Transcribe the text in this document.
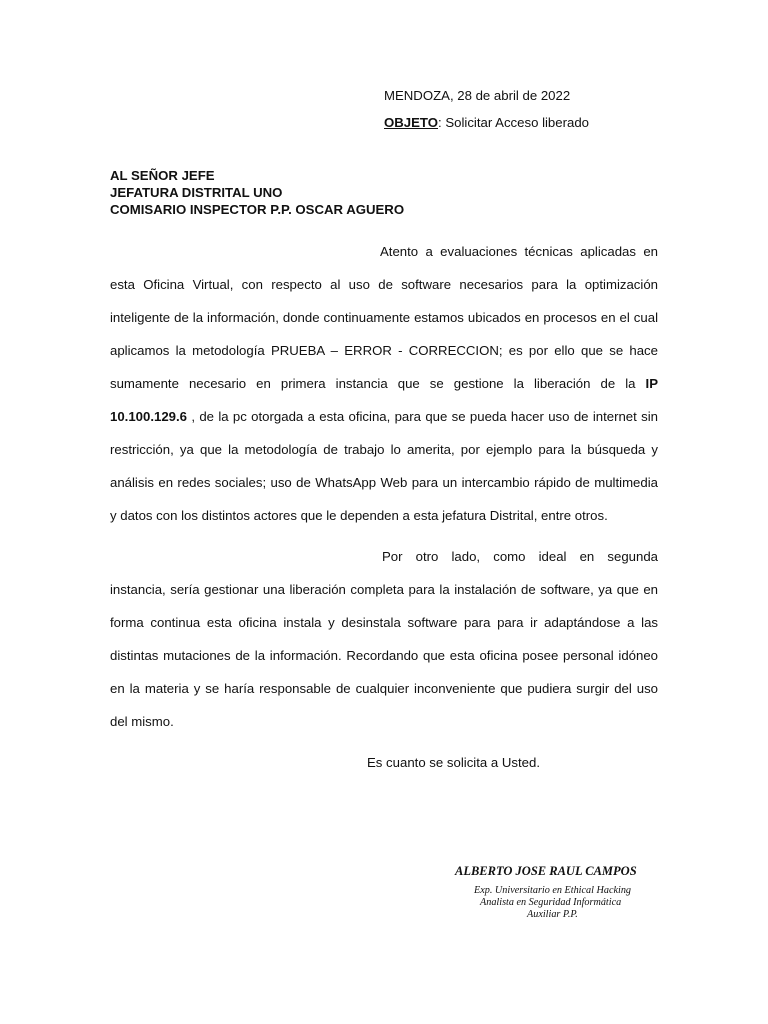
MENDOZA, 28 de abril de 2022
OBJETO: Solicitar Acceso liberado
AL SEÑOR JEFE
JEFATURA DISTRITAL UNO
COMISARIO INSPECTOR P.P. OSCAR AGUERO
Atento a evaluaciones técnicas aplicadas en esta Oficina Virtual, con respecto al uso de software necesarios para la optimización inteligente de la información, donde continuamente estamos ubicados en procesos en el cual aplicamos la metodología PRUEBA – ERROR - CORRECCION; es por ello que se hace sumamente necesario en primera instancia que se gestione la liberación de la IP 10.100.129.6 , de la pc otorgada a esta oficina, para que se pueda hacer uso de internet sin restricción, ya que la metodología de trabajo lo amerita, por ejemplo para la búsqueda y análisis en redes sociales; uso de WhatsApp Web para un intercambio rápido de multimedia y datos con los distintos actores que le dependen a esta jefatura Distrital, entre otros.
Por otro lado, como ideal en segunda instancia, sería gestionar una liberación completa para la instalación de software, ya que en forma continua esta oficina instala y desinstala software para para ir adaptándose a las distintas mutaciones de la información. Recordando que esta oficina posee personal idóneo en la materia y se haría responsable de cualquier inconveniente que pudiera surgir del uso del mismo.
Es cuanto se solicita a Usted.
ALBERTO JOSE RAUL CAMPOS
Exp. Universitario en Ethical Hacking
Analista en Seguridad Informática
Auxiliar P.P.
